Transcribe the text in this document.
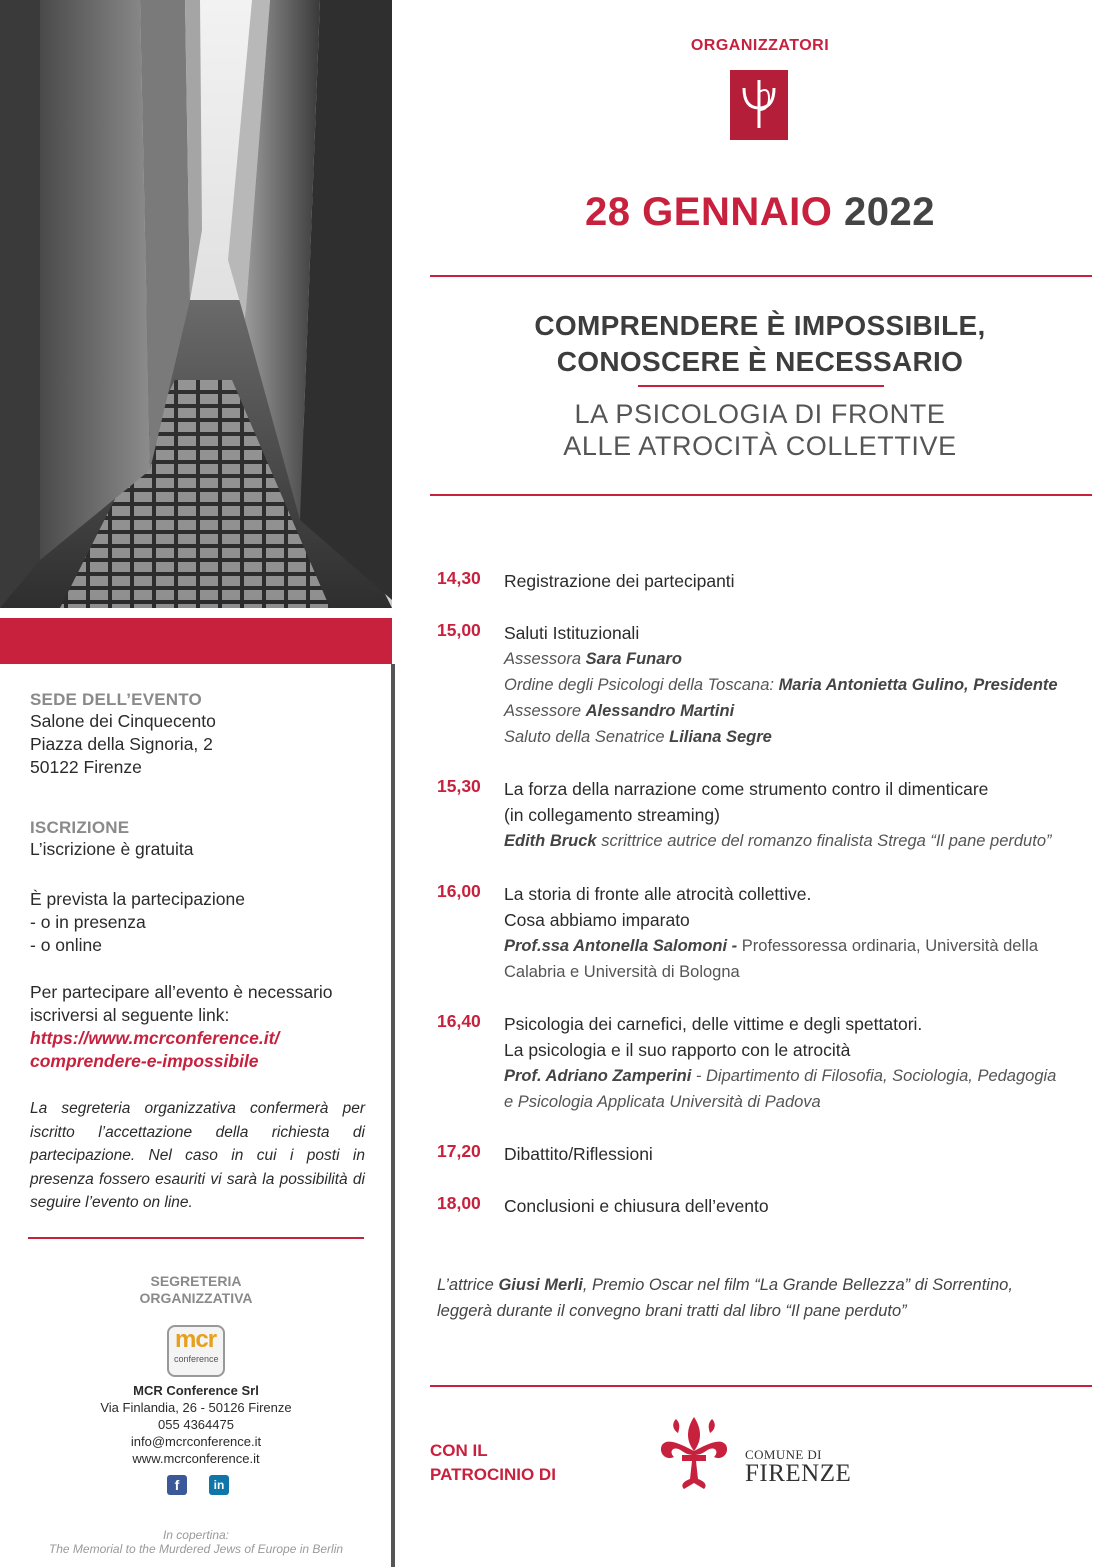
SEDE DELL’EVENTO
Salone dei Cinquecento
Piazza della Signoria, 2
50122 Firenze
ISCRIZIONE
L’iscrizione è gratuita
È prevista la partecipazione
- o in presenza
- o online
Per partecipare all’evento è necessario
iscriversi al seguente link:
https://www.mcrconference.it/
comprendere-e-impossibile
La segreteria organizzativa confermerà per iscritto l’accettazione della richiesta di partecipazione. Nel caso in cui i posti in presenza fossero esauriti vi sarà la possibilità di seguire l’evento on line.
SEGRETERIA
ORGANIZZATIVA
mcr
conference
MCR Conference Srl
Via Finlandia, 26 - 50126 Firenze
055 4364475
info@mcrconference.it
www.mcrconference.it
f	in
In copertina:
The Memorial to the Murdered Jews of Europe in Berlin
ORGANIZZATORI
28 GENNAIO 2022
COMPRENDERE È IMPOSSIBILE,
CONOSCERE È NECESSARIO
LA PSICOLOGIA DI FRONTE
ALLE ATROCITÀ COLLETTIVE
14,30 Registrazione dei partecipanti
15,00 Saluti Istituzionali
Assessora Sara Funaro
Ordine degli Psicologi della Toscana: Maria Antonietta Gulino, Presidente
Assessore Alessandro Martini
Saluto della Senatrice Liliana Segre
15,30 La forza della narrazione come strumento contro il dimenticare
(in collegamento streaming)
Edith Bruck scrittrice autrice del romanzo finalista Strega “Il pane perduto”
16,00 La storia di fronte alle atrocità collettive.
Cosa abbiamo imparato
Prof.ssa Antonella Salomoni - Professoressa ordinaria, Università della
Calabria e Università di Bologna
16,40 Psicologia dei carnefici, delle vittime e degli spettatori.
La psicologia e il suo rapporto con le atrocità
Prof. Adriano Zamperini - Dipartimento di Filosofia, Sociologia, Pedagogia
e Psicologia Applicata Università di Padova
17,20 Dibattito/Riflessioni
18,00 Conclusioni e chiusura dell’evento
L’attrice Giusi Merli, Premio Oscar nel film “La Grande Bellezza” di Sorrentino,
leggerà durante il convegno brani tratti dal libro “Il pane perduto”
CON IL
PATROCINIO DI
COMUNE DI
FIRENZE
